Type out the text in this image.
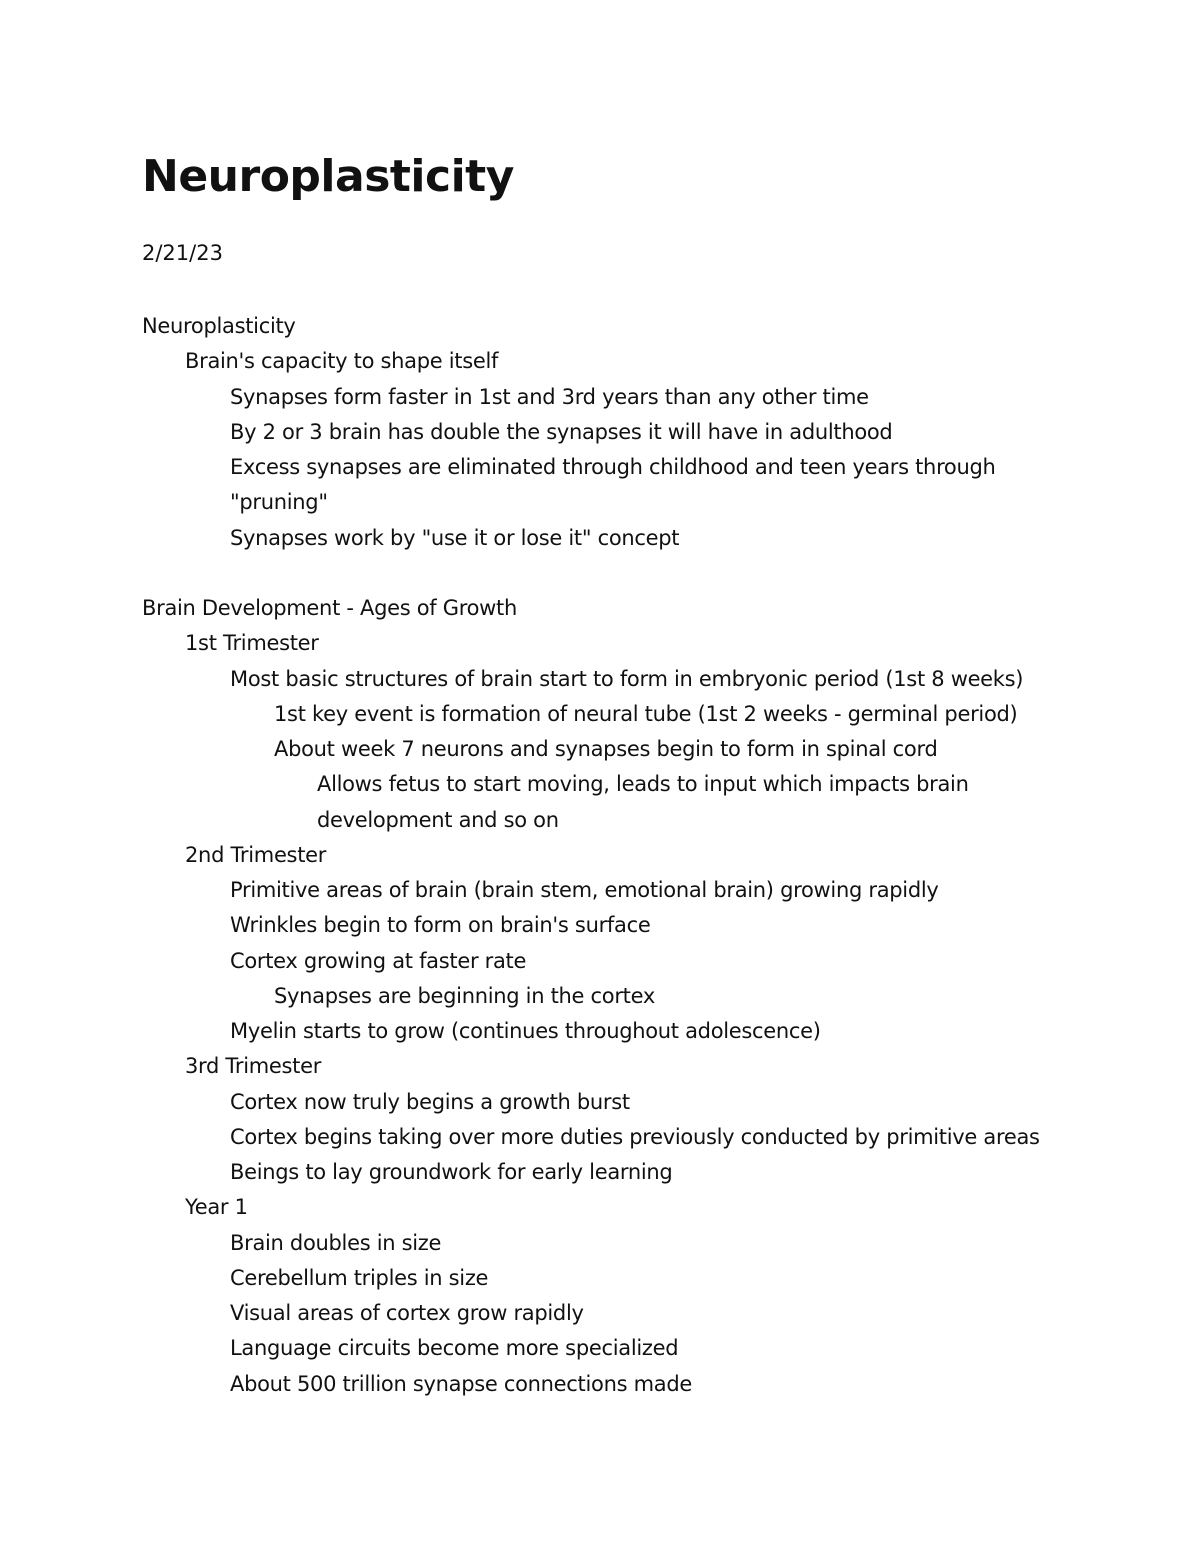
Neuroplasticity
2/21/23
Neuroplasticity
Brain's capacity to shape itself
Synapses form faster in 1st and 3rd years than any other time
By 2 or 3 brain has double the synapses it will have in adulthood
Excess synapses are eliminated through childhood and teen years through
"pruning"
Synapses work by "use it or lose it" concept
Brain Development - Ages of Growth
1st Trimester
Most basic structures of brain start to form in embryonic period (1st 8 weeks)
1st key event is formation of neural tube (1st 2 weeks - germinal period)
About week 7 neurons and synapses begin to form in spinal cord
Allows fetus to start moving, leads to input which impacts brain
development and so on
2nd Trimester
Primitive areas of brain (brain stem, emotional brain) growing rapidly
Wrinkles begin to form on brain's surface
Cortex growing at faster rate
Synapses are beginning in the cortex
Myelin starts to grow (continues throughout adolescence)
3rd Trimester
Cortex now truly begins a growth burst
Cortex begins taking over more duties previously conducted by primitive areas
Beings to lay groundwork for early learning
Year 1
Brain doubles in size
Cerebellum triples in size
Visual areas of cortex grow rapidly
Language circuits become more specialized
About 500 trillion synapse connections made
